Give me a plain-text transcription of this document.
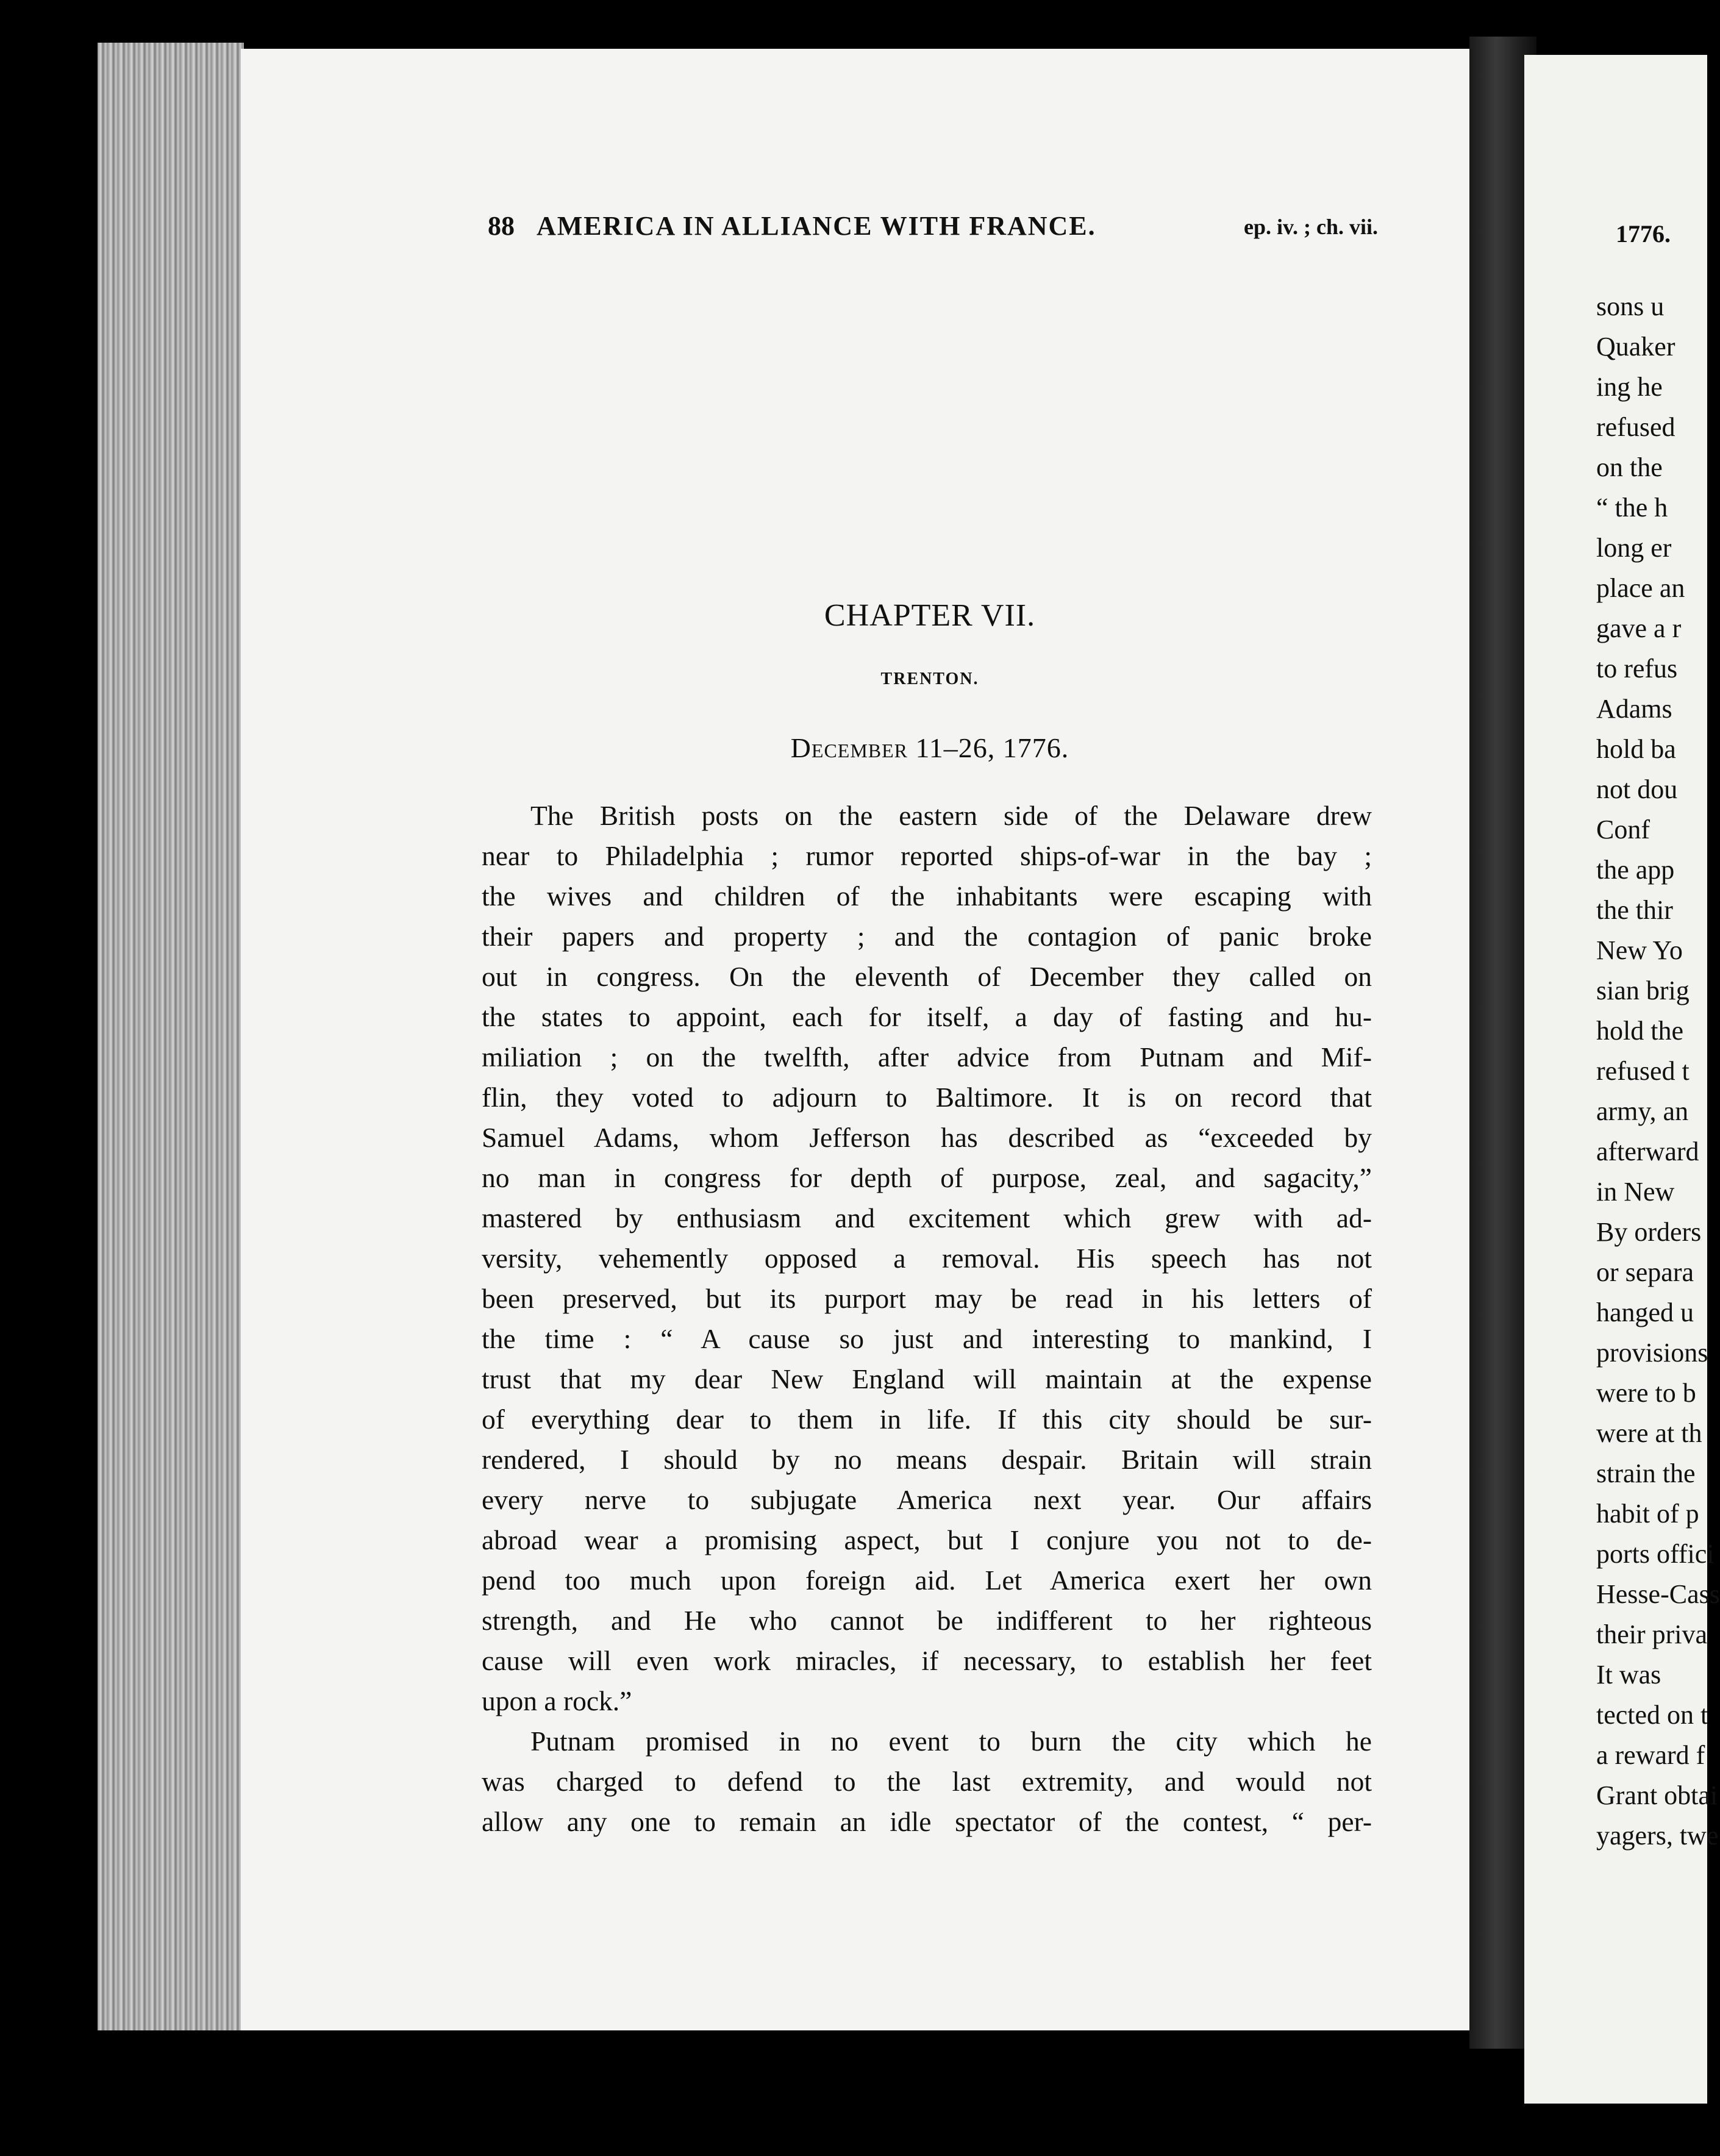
88 AMERICA IN ALLIANCE WITH FRANCE.	ep. iv. ; ch. vii.
CHAPTER VII.
TRENTON.
December 11–26, 1776.
The British posts on the eastern side of the Delaware drew
near to Philadelphia ; rumor reported ships-of-war in the bay ;
the wives and children of the inhabitants were escaping with
their papers and property ; and the contagion of panic broke
out in congress. On the eleventh of December they called on
the states to appoint, each for itself, a day of fasting and hu-
miliation ; on the twelfth, after advice from Putnam and Mif-
flin, they voted to adjourn to Baltimore. It is on record that
Samuel Adams, whom Jefferson has described as “exceeded by
no man in congress for depth of purpose, zeal, and sagacity,”
mastered by enthusiasm and excitement which grew with ad-
versity, vehemently opposed a removal. His speech has not
been preserved, but its purport may be read in his letters of
the time : “ A cause so just and interesting to mankind, I
trust that my dear New England will maintain at the expense
of everything dear to them in life. If this city should be sur-
rendered, I should by no means despair. Britain will strain
every nerve to subjugate America next year. Our affairs
abroad wear a promising aspect, but I conjure you not to de-
pend too much upon foreign aid. Let America exert her own
strength, and He who cannot be indifferent to her righteous
cause will even work miracles, if necessary, to establish her feet
upon a rock.”
Putnam promised in no event to burn the city which he
was charged to defend to the last extremity, and would not
allow any one to remain an idle spectator of the contest, “ per-
1776.
sons u
Quaker
ing he
refused
on the
“ the h
long er
place an
gave a r
to refus
Adams
hold ba
not dou
Conf
the app
the thir
New Yo
sian brig
hold the
refused t
army, an
afterward
in New
By orders
or separa
hanged u
provisions
were to b
were at th
strain the
habit of p
ports offici
Hesse-Cass
their priva
It was
tected on t
a reward f
Grant obtai
yagers, twe
